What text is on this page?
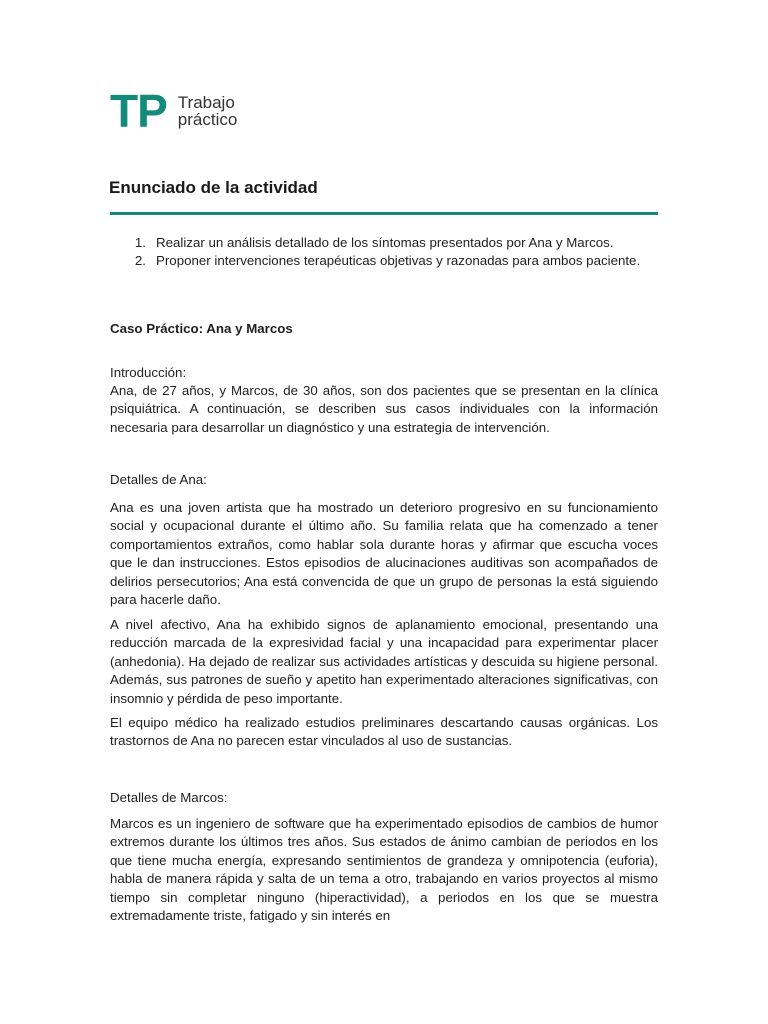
TP Trabajo
práctico
Enunciado de la actividad
1. Realizar un análisis detallado de los síntomas presentados por Ana y Marcos.
2. Proponer intervenciones terapéuticas objetivas y razonadas para ambos paciente.

Caso Práctico: Ana y Marcos

Introducción:

Ana, de 27 años, y Marcos, de 30 años, son dos pacientes que se presentan en la clínica psiquiátrica. A continuación, se describen sus casos individuales con la información necesaria para desarrollar un diagnóstico y una estrategia de intervención.

Detalles de Ana:

Ana es una joven artista que ha mostrado un deterioro progresivo en su funcionamiento social y ocupacional durante el último año. Su familia relata que ha comenzado a tener comportamientos extraños, como hablar sola durante horas y afirmar que escucha voces que le dan instrucciones. Estos episodios de alucinaciones auditivas son acompañados de delirios persecutorios; Ana está convencida de que un grupo de personas la está siguiendo para hacerle daño.

A nivel afectivo, Ana ha exhibido signos de aplanamiento emocional, presentando una reducción marcada de la expresividad facial y una incapacidad para experimentar placer (anhedonia). Ha dejado de realizar sus actividades artísticas y descuida su higiene personal. Además, sus patrones de sueño y apetito han experimentado alteraciones significativas, con insomnio y pérdida de peso importante.

El equipo médico ha realizado estudios preliminares descartando causas orgánicas. Los trastornos de Ana no parecen estar vinculados al uso de sustancias.

Detalles de Marcos:

Marcos es un ingeniero de software que ha experimentado episodios de cambios de humor extremos durante los últimos tres años. Sus estados de ánimo cambian de periodos en los que tiene mucha energía, expresando sentimientos de grandeza y omnipotencia (euforia), habla de manera rápida y salta de un tema a otro, trabajando en varios proyectos al mismo tiempo sin completar ninguno (hiperactividad), a periodos en los que se muestra extremadamente triste, fatigado y sin interés en
